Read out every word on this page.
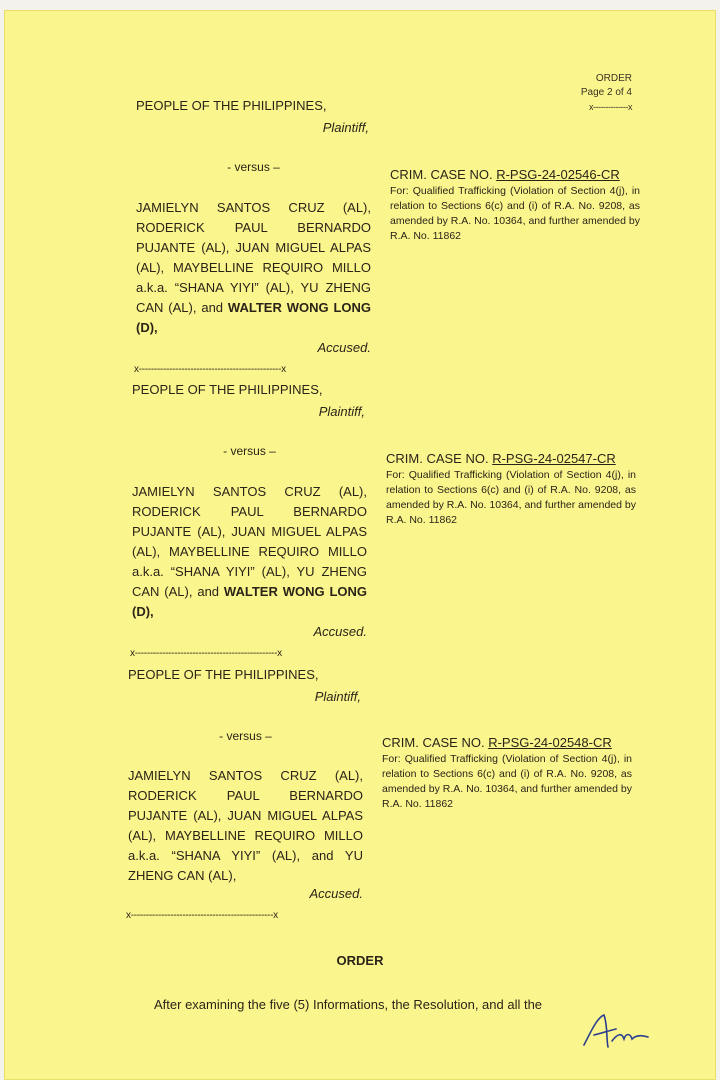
ORDER
Page 2 of 4
x--------------x
PEOPLE OF THE PHILIPPINES,
Plaintiff,
- versus –
JAMIELYN SANTOS CRUZ (AL), RODERICK PAUL BERNARDO PUJANTE (AL), JUAN MIGUEL ALPAS (AL), MAYBELLINE REQUIRO MILLO a.k.a. “SHANA YIYI” (AL), YU ZHENG CAN (AL), and WALTER WONG LONG (D),
Accused.
x-----------------------------------------------x
CRIM. CASE NO. R-PSG-24-02546-CR
For: Qualified Trafficking (Violation of Section 4(j), in relation to Sections 6(c) and (i) of R.A. No. 9208, as amended by R.A. No. 10364, and further amended by R.A. No. 11862
PEOPLE OF THE PHILIPPINES,
Plaintiff,
- versus –
JAMIELYN SANTOS CRUZ (AL), RODERICK PAUL BERNARDO PUJANTE (AL), JUAN MIGUEL ALPAS (AL), MAYBELLINE REQUIRO MILLO a.k.a. “SHANA YIYI” (AL), YU ZHENG CAN (AL), and WALTER WONG LONG (D),
Accused.
x-----------------------------------------------x
CRIM. CASE NO. R-PSG-24-02547-CR
For: Qualified Trafficking (Violation of Section 4(j), in relation to Sections 6(c) and (i) of R.A. No. 9208, as amended by R.A. No. 10364, and further amended by R.A. No. 11862
PEOPLE OF THE PHILIPPINES,
Plaintiff,
- versus –
JAMIELYN SANTOS CRUZ (AL), RODERICK PAUL BERNARDO PUJANTE (AL), JUAN MIGUEL ALPAS (AL), MAYBELLINE REQUIRO MILLO a.k.a. “SHANA YIYI” (AL), and YU ZHENG CAN (AL),
Accused.
x-----------------------------------------------x
CRIM. CASE NO. R-PSG-24-02548-CR
For: Qualified Trafficking (Violation of Section 4(j), in relation to Sections 6(c) and (i) of R.A. No. 9208, as amended by R.A. No. 10364, and further amended by R.A. No. 11862
ORDER
After examining the five (5) Informations, the Resolution, and all the
